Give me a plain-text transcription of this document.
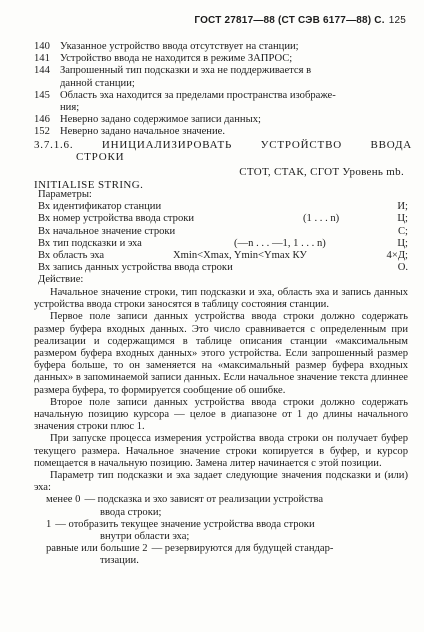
ГОСТ 27817—88 (СТ СЭВ 6177—88) С. 125
140 Указанное устройство ввода отсутствует на станции;
141 Устройство ввода не находится в режиме ЗАПРОС;
144 Запрошенный тип подсказки и эха не поддерживается в
данной станции;
145 Область эха находится за пределами пространства изображе-
ния;
146 Неверно задано содержимое записи данных;
152 Неверно задано начальное значение.
3.7.1.6.	ИНИЦИАЛИЗИРОВАТЬ	УСТРОЙСТВО	ВВОДА
СТРОКИ
СТОТ, СТАК, СГОТ Уровень mb.
INITIALISE STRING.
Параметры:
Вх идентификатор станции	И;
Вх номер устройства ввода строки	(1 . . . n)	Ц;
Вх начальное значение строки	С;
Вх тип подсказки и эха	(—n . . . —1, 1 . . . n)	Ц;
Вх область эха	Xmin<Xmax, Ymin<Ymax КУ	4×Д;
Вх запись данных устройства ввода строки	О.
Действие:

Начальное значение строки, тип подсказки и эха, область эха и запись данных устройства ввода строки заносятся в таблицу состояния станции.

Первое поле записи данных устройства ввода строки должно содержать размер буфера входных данных. Это число сравнивается с определенным при реализации и содержащимся в таблице описания станции «максимальным размером буфера входных данных» этого устройства. Если запрошенный размер буфера больше, то он заменяется на «максимальный размер буфера входных данных» в запоминаемой записи данных. Если начальное значение текста длиннее размера буфера, то формируется сообщение об ошибке.

Второе поле записи данных устройства ввода строки должно содержать начальную позицию курсора — целое в диапазоне от 1 до длины начального значения строки плюс 1.

При запуске процесса измерения устройства ввода строки он получает буфер текущего размера. Начальное значение строки копируется в буфер, и курсор помещается в начальную позицию. Замена литер начинается с этой позиции.

Параметр тип подсказки и эха задает следующие значения подсказки и (или) эха:

менее 0 — подсказка и эхо зависят от реализации устройства
ввода строки;
1 — отобразить текущее значение устройства ввода строки
внутри области эха;
равные или большие 2 — резервируются для будущей стандар-
тизации.
